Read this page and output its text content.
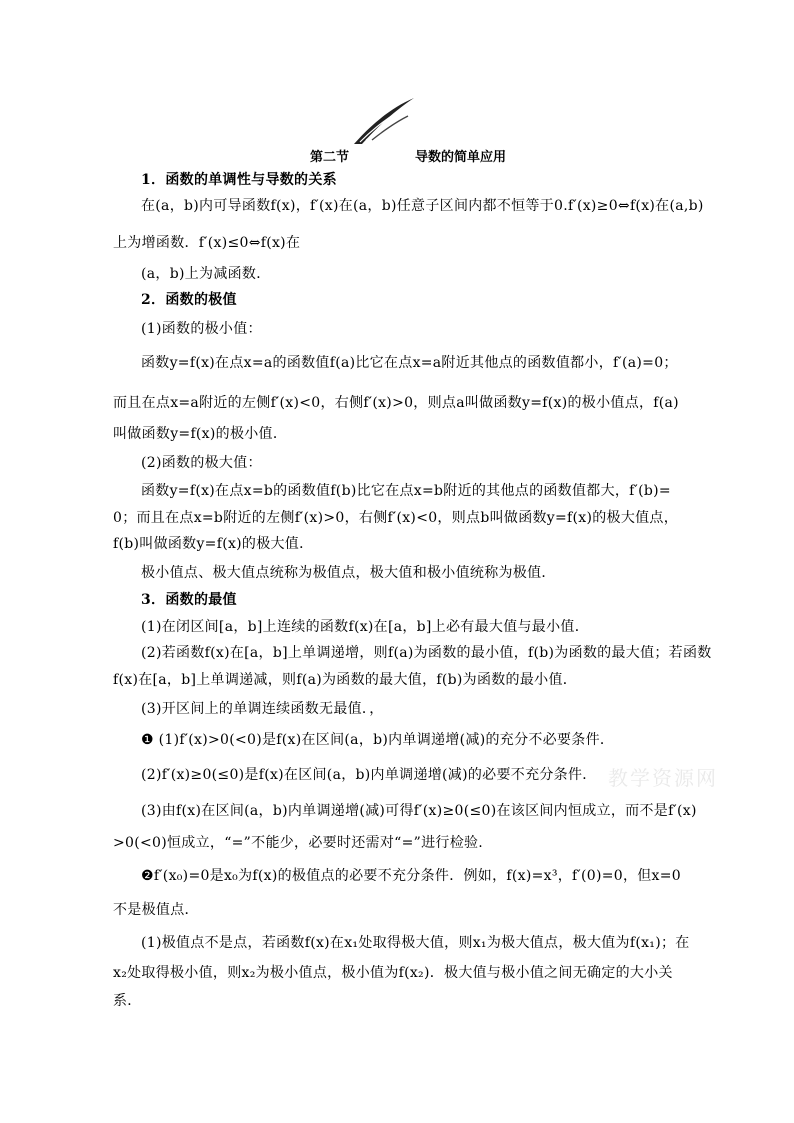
第二节	导数的简单应用
1．函数的单调性与导数的关系
在(a，b)内可导函数f(x)，f′(x)在(a，b)任意子区间内都不恒等于0.f′(x)≥0⇔f(x)在(a,b)
上为增函数．f′(x)≤0⇔f(x)在
(a，b)上为减函数．
2．函数的极值
(1)函数的极小值：
函数y=f(x)在点x=a的函数值f(a)比它在点x=a附近其他点的函数值都小，f′(a)=0；
而且在点x=a附近的左侧f′(x)<0，右侧f′(x)>0，则点a叫做函数y=f(x)的极小值点，f(a)
叫做函数y=f(x)的极小值．
(2)函数的极大值：
函数y=f(x)在点x=b的函数值f(b)比它在点x=b附近的其他点的函数值都大，f′(b)=
0；而且在点x=b附近的左侧f′(x)>0，右侧f′(x)<0，则点b叫做函数y=f(x)的极大值点，
f(b)叫做函数y=f(x)的极大值．
极小值点、极大值点统称为极值点，极大值和极小值统称为极值．
3．函数的最值
(1)在闭区间[a，b]上连续的函数f(x)在[a，b]上必有最大值与最小值．
(2)若函数f(x)在[a，b]上单调递增，则f(a)为函数的最小值，f(b)为函数的最大值；若函数
f(x)在[a，b]上单调递减，则f(a)为函数的最大值，f(b)为函数的最小值．
(3)开区间上的单调连续函数无最值．，
❶ (1)f′(x)>0(<0)是f(x)在区间(a，b)内单调递增(减)的充分不必要条件．
(2)f′(x)≥0(≤0)是f(x)在区间(a，b)内单调递增(减)的必要不充分条件．
(3)由f(x)在区间(a，b)内单调递增(减)可得f′(x)≥0(≤0)在该区间内恒成立，而不是f′(x)
>0(<0)恒成立，“=”不能少，必要时还需对“=”进行检验.
❷f′(x₀)=0是x₀为f(x)的极值点的必要不充分条件．例如，f(x)=x³，f′(0)=0，但x=0
不是极值点．
(1)极值点不是点，若函数f(x)在x₁处取得极大值，则x₁为极大值点，极大值为f(x₁)；在
x₂处取得极小值，则x₂为极小值点，极小值为f(x₂)．极大值与极小值之间无确定的大小关
系．
教学资源网
